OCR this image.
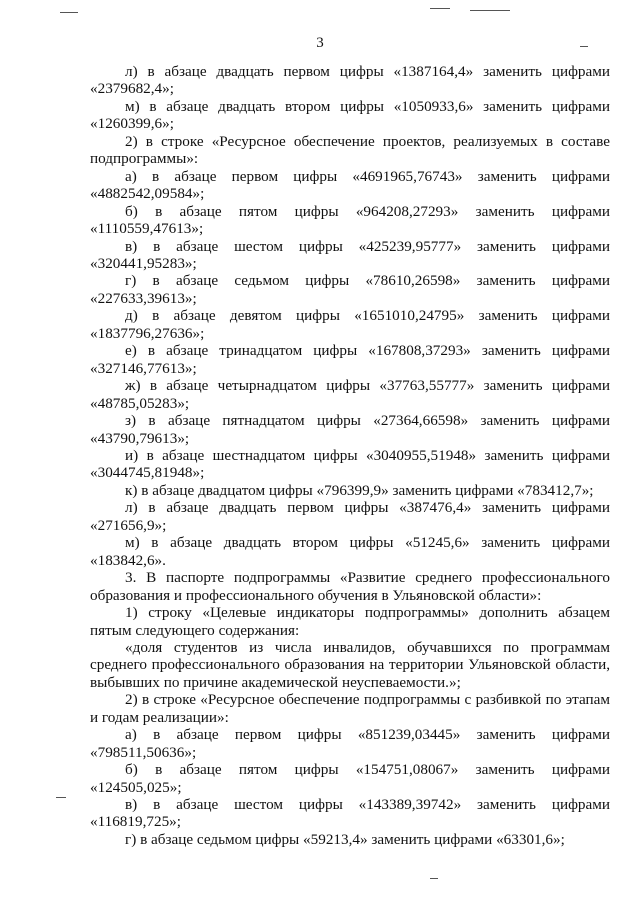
3

л) в абзаце двадцать первом цифры «1387164,4» заменить цифрами «2379682,4»;

м) в абзаце двадцать втором цифры «1050933,6» заменить цифрами «1260399,6»;

2) в строке «Ресурсное обеспечение проектов, реализуемых в составе подпрограммы»:

а) в абзаце первом цифры «4691965,76743» заменить цифрами «4882542,09584»;

б) в абзаце пятом цифры «964208,27293» заменить цифрами «1110559,47613»;

в) в абзаце шестом цифры «425239,95777» заменить цифрами «320441,95283»;

г) в абзаце седьмом цифры «78610,26598» заменить цифрами «227633,39613»;

д) в абзаце девятом цифры «1651010,24795» заменить цифрами «1837796,27636»;

е) в абзаце тринадцатом цифры «167808,37293» заменить цифрами «327146,77613»;

ж) в абзаце четырнадцатом цифры «37763,55777» заменить цифрами «48785,05283»;

з) в абзаце пятнадцатом цифры «27364,66598» заменить цифрами «43790,79613»;

и) в абзаце шестнадцатом цифры «3040955,51948» заменить цифрами «3044745,81948»;

к) в абзаце двадцатом цифры «796399,9» заменить цифрами «783412,7»;

л) в абзаце двадцать первом цифры «387476,4» заменить цифрами «271656,9»;

м) в абзаце двадцать втором цифры «51245,6» заменить цифрами «183842,6».

3. В паспорте подпрограммы «Развитие среднего профессионального образования и профессионального обучения в Ульяновской области»:

1) строку «Целевые индикаторы подпрограммы» дополнить абзацем пятым следующего содержания:

«доля студентов из числа инвалидов, обучавшихся по программам среднего профессионального образования на территории Ульяновской области, выбывших по причине академической неуспеваемости.»;

2) в строке «Ресурсное обеспечение подпрограммы с разбивкой по этапам и годам реализации»:

а) в абзаце первом цифры «851239,03445» заменить цифрами «798511,50636»;

б) в абзаце пятом цифры «154751,08067» заменить цифрами «124505,025»;

в) в абзаце шестом цифры «143389,39742» заменить цифрами «116819,725»;

г) в абзаце седьмом цифры «59213,4» заменить цифрами «63301,6»;
